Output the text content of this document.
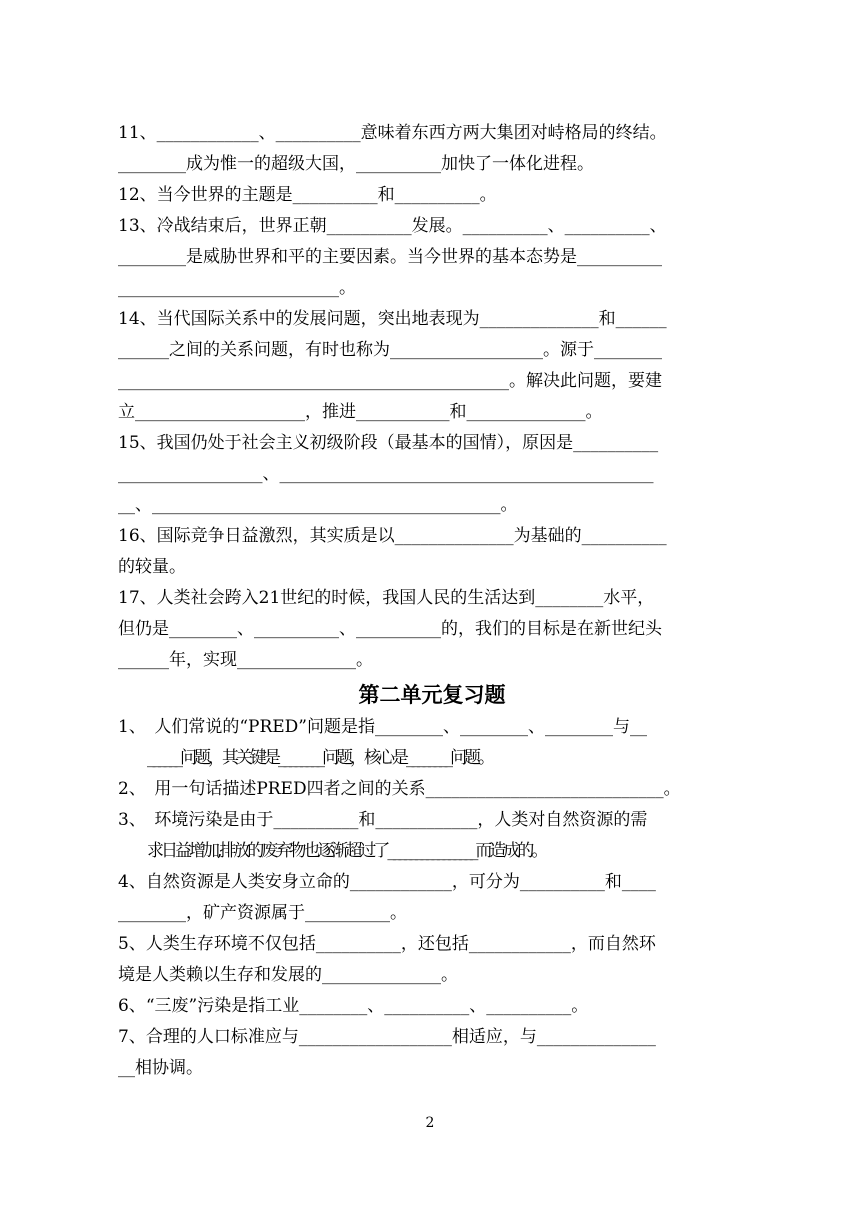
11、____________、__________意味着东西方两大集团对峙格局的终结。
________成为惟一的超级大国，__________加快了一体化进程。
12、当今世界的主题是__________和__________。
13、冷战结束后，世界正朝__________发展。__________、__________、
________是威胁世界和平的主要因素。当今世界的基本态势是__________
__________________________。
14、当代国际关系中的发展问题，突出地表现为______________和______
______之间的关系问题，有时也称为__________________。源于________
______________________________________________。解决此问题，要建
立____________________，推进___________和______________。
15、我国仍处于社会主义初级阶段（最基本的国情），原因是__________
_________________、____________________________________________
__、_________________________________________。
16、国际竞争日益激烈，其实质是以______________为基础的__________
的较量。
17、人类社会跨入21世纪的时候，我国人民的生活达到________水平，
但仍是________、__________、__________的，我们的目标是在新世纪头
______年，实现______________。
第二单元复习题
1、　人们常说的“PRED”问题是指________、________、________与__
______问题，其关键是________问题，核心是________问题。
2、　用一句话描述PRED四者之间的关系____________________________。
3、　环境污染是由于__________和____________，人类对自然资源的需
求日益增加,排放的废弃物也逐渐超过了________________而造成的。
4、自然资源是人类安身立命的____________，可分为__________和____
________，矿产资源属于__________。
5、人类生存环境不仅包括__________，还包括____________，而自然环
境是人类赖以生存和发展的______________。
6、“三废”污染是指工业________、__________、__________。
7、合理的人口标准应与__________________相适应，与______________
__相协调。
2
